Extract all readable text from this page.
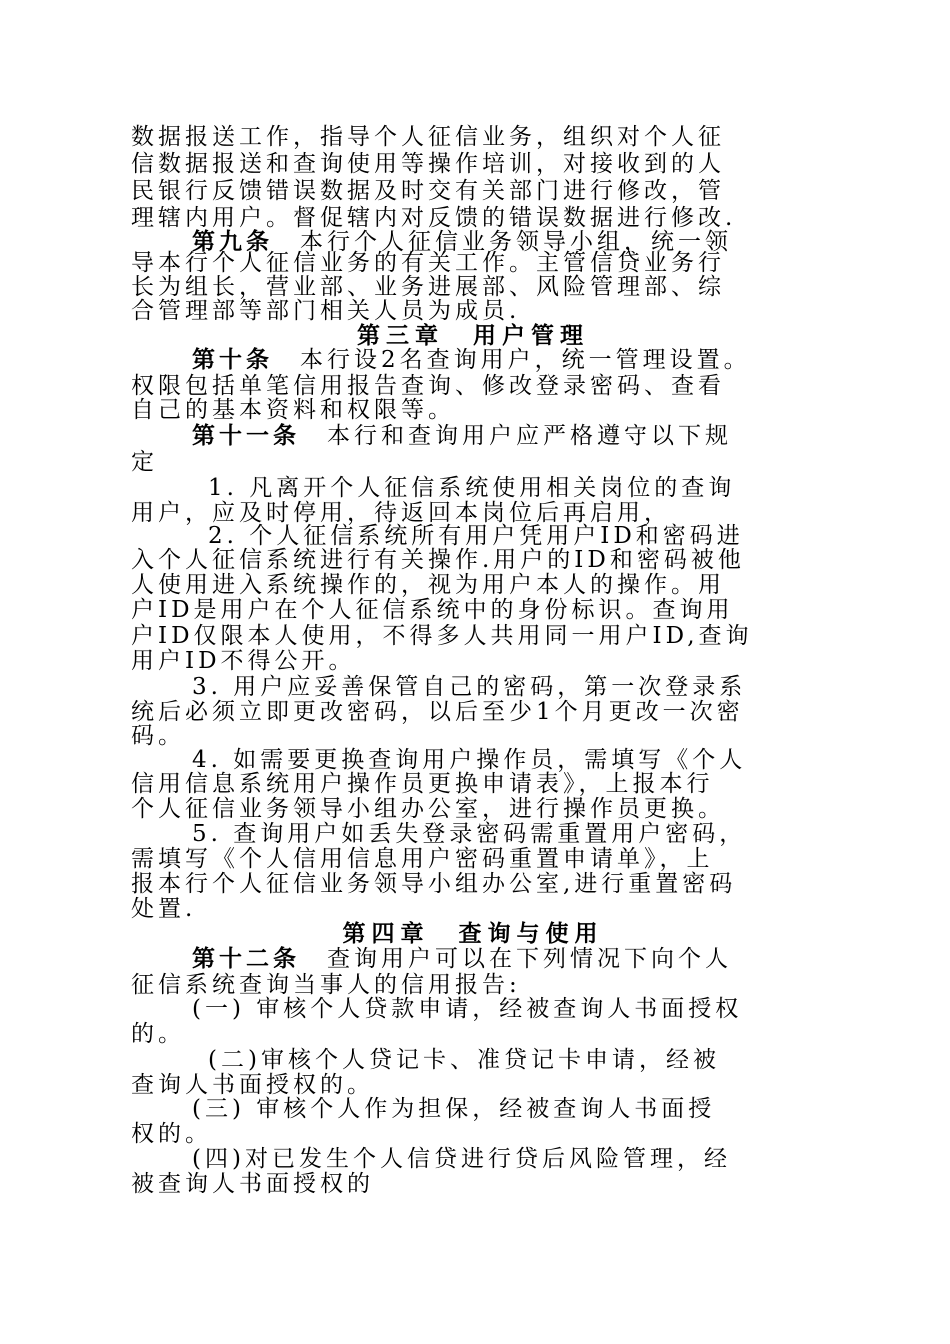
数据报送工作，指导个人征信业务，组织对个人征
信数据报送和查询使用等操作培训，对接收到的人
民银行反馈错误数据及时交有关部门进行修改，管
理辖内用户。督促辖内对反馈的错误数据进行修改.
第九条　本行个人征信业务领导小组，统一领
导本行个人征信业务的有关工作。主管信贷业务行
长为组长，营业部、业务进展部、风险管理部、综
合管理部等部门相关人员为成员.
第三章　用户管理
第十条　本行设2名查询用户，统一管理设置。
权限包括单笔信用报告查询、修改登录密码、查看
自己的基本资料和权限等。
第十一条　本行和查询用户应严格遵守以下规
定
1. 凡离开个人征信系统使用相关岗位的查询
用户，应及时停用，待返回本岗位后再启用，
2. 个人征信系统所有用户凭用户ID和密码进
入个人征信系统进行有关操作.用户的ID和密码被他
人使用进入系统操作的，视为用户本人的操作。用
户ID是用户在个人征信系统中的身份标识。查询用
户ID仅限本人使用，不得多人共用同一用户ID,查询
用户ID不得公开。
3. 用户应妥善保管自己的密码，第一次登录系
统后必须立即更改密码，以后至少1个月更改一次密
码。
4. 如需要更换查询用户操作员，需填写《个人
信用信息系统用户操作员更换申请表》，上报本行
个人征信业务领导小组办公室，进行操作员更换。
5. 查询用户如丢失登录密码需重置用户密码，
需填写《个人信用信息用户密码重置申请单》，上
报本行个人征信业务领导小组办公室,进行重置密码
处置.
第四章　查询与使用
第十二条　查询用户可以在下列情况下向个人
征信系统查询当事人的信用报告:
(一) 审核个人贷款申请，经被查询人书面授权
的。
(二)审核个人贷记卡、准贷记卡申请，经被
查询人书面授权的。
(三) 审核个人作为担保，经被查询人书面授
权的。
(四)对已发生个人信贷进行贷后风险管理，经
被查询人书面授权的
